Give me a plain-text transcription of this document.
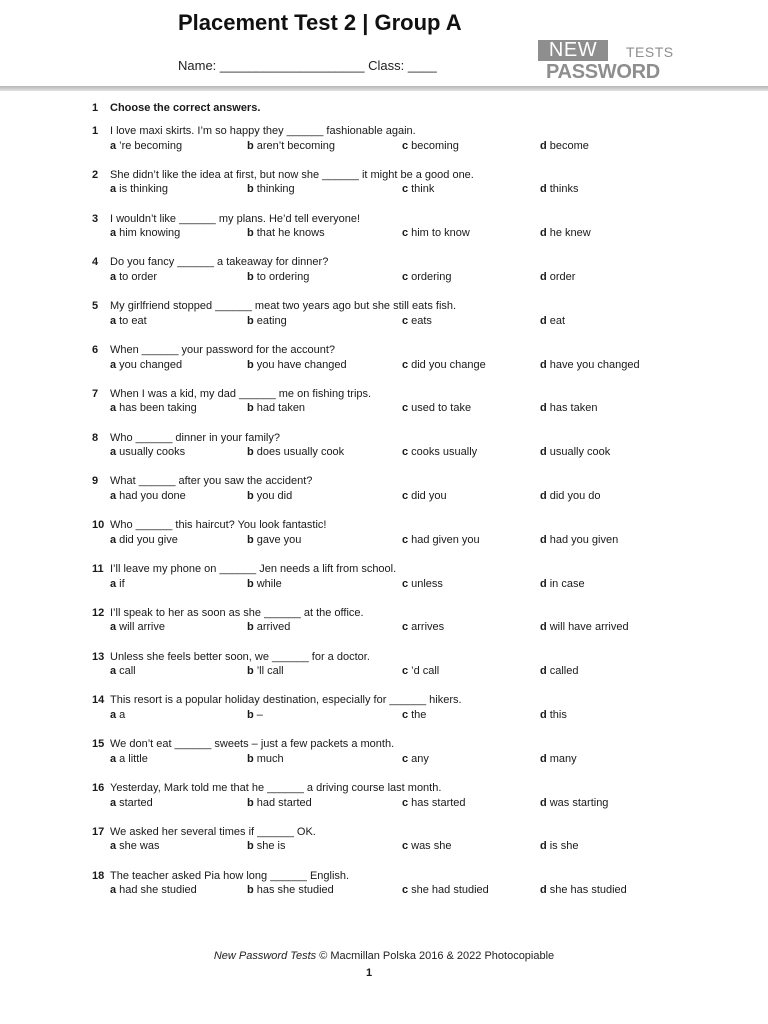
Placement Test 2 | Group A
Name: ____________________ Class: ____
NEW	TESTS
PASSWORD
1 Choose the correct answers.
1	I love maxi skirts. I’m so happy they ______ fashionable again.
a ’re becoming	b aren’t becoming	c becoming	d become
2	She didn’t like the idea at first, but now she ______ it might be a good one.
a is thinking	b thinking	c think	d thinks
3	I wouldn’t like ______ my plans. He’d tell everyone!
a him knowing	b that he knows	c him to know	d he knew
4	Do you fancy ______ a takeaway for dinner?
a to order	b to ordering	c ordering	d order
5	My girlfriend stopped ______ meat two years ago but she still eats fish.
a to eat	b eating	c eats	d eat
6	When ______ your password for the account?
a you changed	b you have changed	c did you change	d have you changed
7	When I was a kid, my dad ______ me on fishing trips.
a has been taking	b had taken	c used to take	d has taken
8	Who ______ dinner in your family?
a usually cooks	b does usually cook	c cooks usually	d usually cook
9	What ______ after you saw the accident?
a had you done	b you did	c did you	d did you do
10 Who ______ this haircut? You look fantastic!
a did you give	b gave you	c had given you	d had you given
11 I’ll leave my phone on ______ Jen needs a lift from school.
a if	b while	c unless	d in case
12 I’ll speak to her as soon as she ______ at the office.
a will arrive	b arrived	c arrives	d will have arrived
13 Unless she feels better soon, we ______ for a doctor.
a call	b ’ll call	c ’d call	d called
14 This resort is a popular holiday destination, especially for ______ hikers.
a a	b –	c the	d this
15 We don’t eat ______ sweets – just a few packets a month.
a a little	b much	c any	d many
16 Yesterday, Mark told me that he ______ a driving course last month.
a started	b had started	c has started	d was starting
17 We asked her several times if ______ OK.
a she was	b she is	c was she	d is she
18 The teacher asked Pia how long ______ English.
a had she studied	b has she studied	c she had studied	d she has studied
New Password Tests © Macmillan Polska 2016 & 2022 Photocopiable
1
